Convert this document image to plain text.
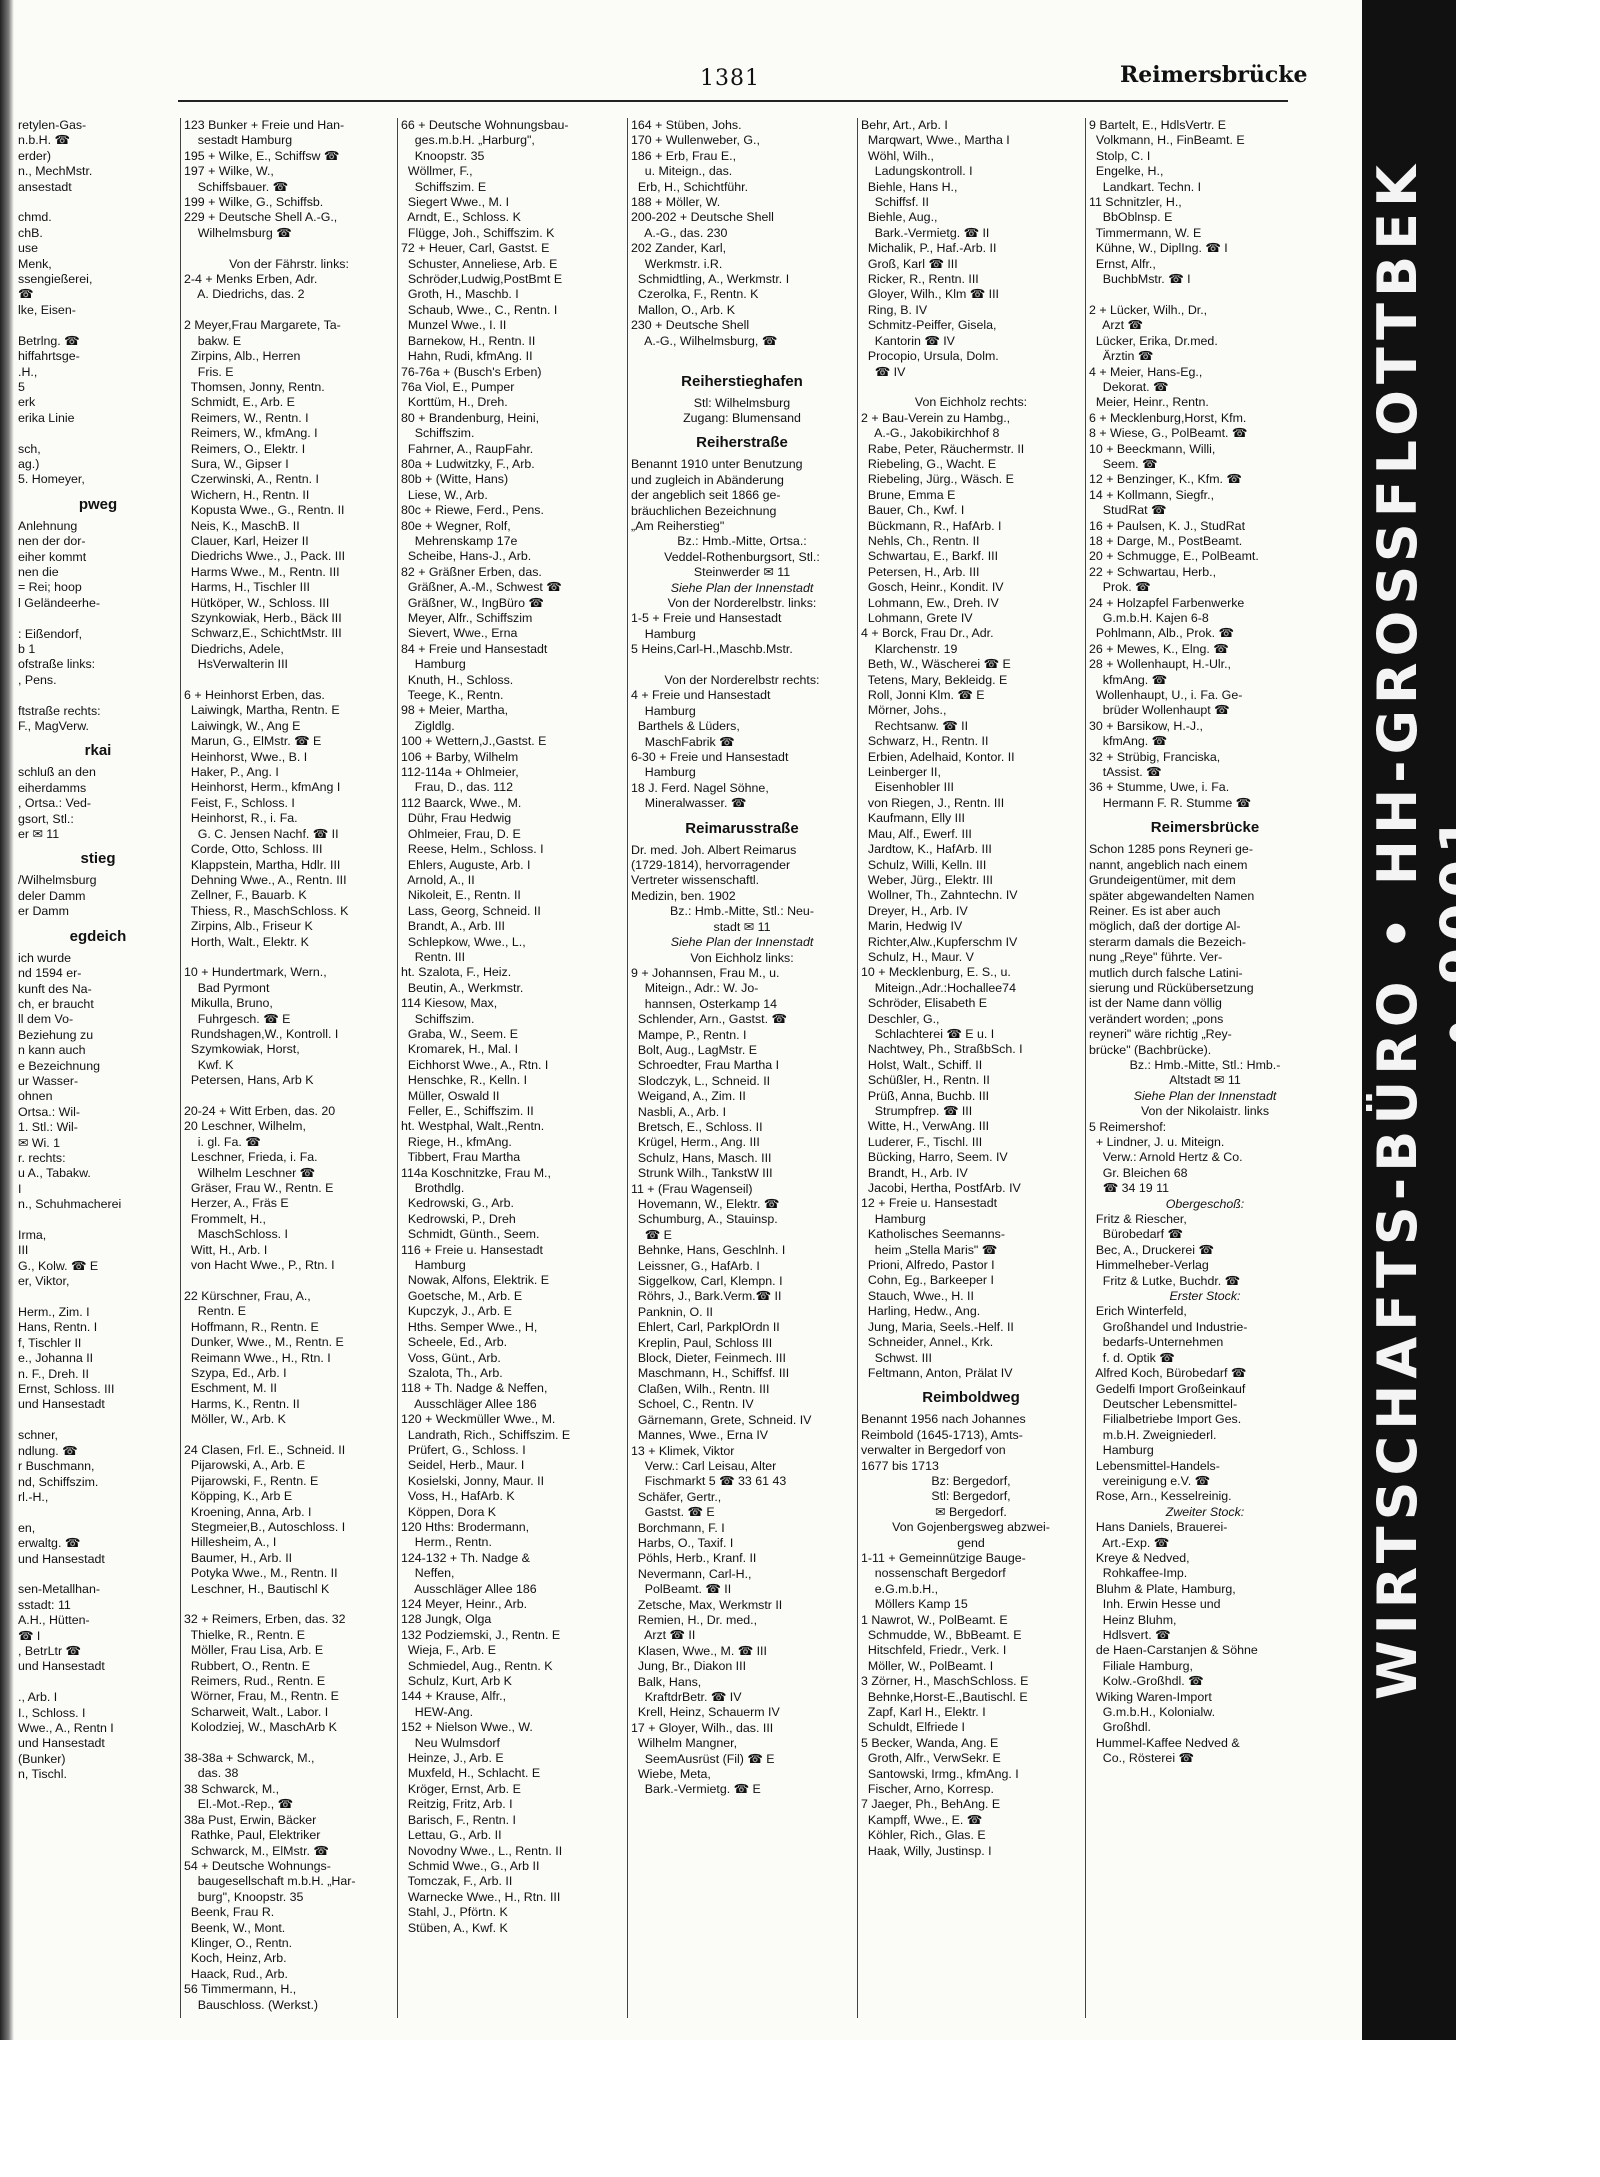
1381	Reimersbrücke
retylen-Gas-
n.b.H. ☎
erder)
n., MechMstr.
ansestadt

chmd.
chB.
use
Menk,
ssengießerei,
☎
lke, Eisen-

Betrlng. ☎
hiffahrtsge-
.H.,
5
erk
erika Linie

sch,
ag.)
5. Homeyer,
pweg
Anlehnung
nen der dor-
eiher kommt
nen die
= Rei; hoop
l Geländeerhe-

: Eißendorf,
b 1
ofstraße links:
, Pens.

ftstraße rechts:
F., MagVerw.
rkai
schluß an den
eiherdamms
, Ortsa.: Ved-
gsort, Stl.:
er ✉ 11
stieg
/Wilhelmsburg
deler Damm
er Damm
egdeich
ich wurde
nd 1594 er-
kunft des Na-
ch, er braucht
ll dem Vo-
Beziehung zu
n kann auch
e Bezeichnung
ur Wasser-
ohnen
Ortsa.: Wil-
1. Stl.: Wil-
✉ Wi. 1
r. rechts:
u A., Tabakw.
I
n., Schuhmacherei

Irma,
III
G., Kolw. ☎ E
er, Viktor,

Herm., Zim. I
Hans, Rentn. I
f, Tischler II
e., Johanna II
n. F., Dreh. II
Ernst, Schloss. III
und Hansestadt

schner,
ndlung. ☎
r Buschmann,
nd, Schiffszim.
rl.-H.,

en,
erwaltg. ☎
und Hansestadt

sen-Metallhan-
sstadt: 11
A.H., Hütten-
☎ I
, BetrLtr ☎
und Hansestadt

., Arb. I
I., Schloss. I
Wwe., A., Rentn I
und Hansestadt
(Bunker)
n, Tischl.
123 Bunker + Freie und Han-
sestadt Hamburg
195 + Wilke, E., Schiffsw ☎
197 + Wilke, W.,
Schiffsbauer. ☎
199 + Wilke, G., Schiffsb.
229 + Deutsche Shell A.-G.,
Wilhelmsburg ☎

Von der Fährstr. links:
2-4 + Menks Erben, Adr.
A. Diedrichs, das. 2

2 Meyer,Frau Margarete, Ta-
bakw. E
Zirpins, Alb., Herren
Fris. E
Thomsen, Jonny, Rentn.
Schmidt, E., Arb. E
Reimers, W., Rentn. I
Reimers, W., kfmAng. I
Reimers, O., Elektr. I
Sura, W., Gipser I
Czerwinski, A., Rentn. I
Wichern, H., Rentn. II
Kopusta Wwe., G., Rentn. II
Neis, K., MaschB. II
Clauer, Karl, Heizer II
Diedrichs Wwe., J., Pack. III
Harms Wwe., M., Rentn. III
Harms, H., Tischler III
Hütköper, W., Schloss. III
Szynkowiak, Herb., Bäck III
Schwarz,E., SchichtMstr. III
Diedrichs, Adele,
HsVerwalterin III

6 + Heinhorst Erben, das.
Laiwingk, Martha, Rentn. E
Laiwingk, W., Ang E
Marun, G., ElMstr. ☎ E
Heinhorst, Wwe., B. I
Haker, P., Ang. I
Heinhorst, Herm., kfmAng I
Feist, F., Schloss. I
Heinhorst, R., i. Fa.
G. C. Jensen Nachf. ☎ II
Corde, Otto, Schloss. III
Klappstein, Martha, Hdlr. III
Dehning Wwe., A., Rentn. III
Zellner, F., Bauarb. K
Thiess, R., MaschSchloss. K
Zirpins, Alb., Friseur K
Horth, Walt., Elektr. K

10 + Hundertmark, Wern.,
Bad Pyrmont
Mikulla, Bruno,
Fuhrgesch. ☎ E
Rundshagen,W., Kontroll. I
Szymkowiak, Horst,
Kwf. K
Petersen, Hans, Arb K

20-24 + Witt Erben, das. 20
20 Leschner, Wilhelm,
i. gl. Fa. ☎
Leschner, Frieda, i. Fa.
Wilhelm Leschner ☎
Gräser, Frau W., Rentn. E
Herzer, A., Fräs E
Frommelt, H.,
MaschSchloss. I
Witt, H., Arb. I
von Hacht Wwe., P., Rtn. I

22 Kürschner, Frau, A.,
Rentn. E
Hoffmann, R., Rentn. E
Dunker, Wwe., M., Rentn. E
Reimann Wwe., H., Rtn. I
Szypa, Ed., Arb. I
Eschment, M. II
Harms, K., Rentn. II
Möller, W., Arb. K

24 Clasen, Frl. E., Schneid. II
Pijarowski, A., Arb. E
Pijarowski, F., Rentn. E
Köpping, K., Arb E
Kroening, Anna, Arb. I
Stegmeier,B., Autoschloss. I
Hillesheim, A., I
Baumer, H., Arb. II
Potyka Wwe., M., Rentn. II
Leschner, H., Bautischl K

32 + Reimers, Erben, das. 32
Thielke, R., Rentn. E
Möller, Frau Lisa, Arb. E
Rubbert, O., Rentn. E
Reimers, Rud., Rentn. E
Wörner, Frau, M., Rentn. E
Scharweit, Walt., Labor. I
Kolodziej, W., MaschArb K

38-38a + Schwarck, M.,
das. 38
38 Schwarck, M.,
El.-Mot.-Rep., ☎
38a Pust, Erwin, Bäcker
Rathke, Paul, Elektriker
Schwarck, M., ElMstr. ☎
54 + Deutsche Wohnungs-
baugesellschaft m.b.H. „Har-
burg", Knoopstr. 35
Beenk, Frau R.
Beenk, W., Mont.
Klinger, O., Rentn.
Koch, Heinz, Arb.
Haack, Rud., Arb.
56 Timmermann, H.,
Bauschloss. (Werkst.)
66 + Deutsche Wohnungsbau-
ges.m.b.H. „Harburg",
Knoopstr. 35
Wöllmer, F.,
Schiffszim. E
Siegert Wwe., M. I
Arndt, E., Schloss. K
Flügge, Joh., Schiffszim. K
72 + Heuer, Carl, Gastst. E
Schuster, Anneliese, Arb. E
Schröder,Ludwig,PostBmt E
Groth, H., Maschb. I
Schaub, Wwe., C., Rentn. I
Munzel Wwe., I. II
Barnekow, H., Rentn. II
Hahn, Rudi, kfmAng. II
76-76a + (Busch's Erben)
76a Viol, E., Pumper
Korttüm, H., Dreh.
80 + Brandenburg, Heini,
Schiffszim.
Fahrner, A., RaupFahr.
80a + Ludwitzky, F., Arb.
80b + (Witte, Hans)
Liese, W., Arb.
80c + Riewe, Ferd., Pens.
80e + Wegner, Rolf,
Mehrenskamp 17e
Scheibe, Hans-J., Arb.
82 + Gräßner Erben, das.
Gräßner, A.-M., Schwest ☎
Gräßner, W., IngBüro ☎
Meyer, Alfr., Schiffszim
Sievert, Wwe., Erna
84 + Freie und Hansestadt
Hamburg
Knuth, H., Schloss.
Teege, K., Rentn.
98 + Meier, Martha,
Zigldlg.
100 + Wettern,J.,Gastst. E
106 + Barby, Wilhelm
112-114a + Ohlmeier,
Frau, D., das. 112
112 Baarck, Wwe., M.
Dühr, Frau Hedwig
Ohlmeier, Frau, D. E
Reese, Helm., Schloss. I
Ehlers, Auguste, Arb. I
Arnold, A., II
Nikoleit, E., Rentn. II
Lass, Georg, Schneid. II
Brandt, A., Arb. III
Schlepkow, Wwe., L.,
Rentn. III
ht. Szalota, F., Heiz.
Beutin, A., Werkmstr.
114 Kiesow, Max,
Schiffszim.
Graba, W., Seem. E
Kromarek, H., Mal. I
Eichhorst Wwe., A., Rtn. I
Henschke, R., Kelln. I
Müller, Oswald II
Feller, E., Schiffszim. II
ht. Westphal, Walt.,Rentn.
Riege, H., kfmAng.
Tibbert, Frau Martha
114a Koschnitzke, Frau M.,
Brothdlg.
Kedrowski, G., Arb.
Kedrowski, P., Dreh
Schmidt, Günth., Seem.
116 + Freie u. Hansestadt
Hamburg
Nowak, Alfons, Elektrik. E
Goetsche, M., Arb. E
Kupczyk, J., Arb. E
Hths. Semper Wwe., H,
Scheele, Ed., Arb.
Voss, Günt., Arb.
Szalota, Th., Arb.
118 + Th. Nadge & Neffen,
Ausschläger Allee 186
120 + Weckmüller Wwe., M.
Landrath, Rich., Schiffszim. E
Prüfert, G., Schloss. I
Seidel, Herb., Maur. I
Kosielski, Jonny, Maur. II
Voss, H., HafArb. K
Köppen, Dora K
120 Hths: Brodermann,
Herm., Rentn.
124-132 + Th. Nadge &
Neffen,
Ausschläger Allee 186
124 Meyer, Heinr., Arb.
128 Jungk, Olga
132 Podziemski, J., Rentn. E
Wieja, F., Arb. E
Schmiedel, Aug., Rentn. K
Schulz, Kurt, Arb K
144 + Krause, Alfr.,
HEW-Ang.
152 + Nielson Wwe., W.
Neu Wulmsdorf
Heinze, J., Arb. E
Muxfeld, H., Schlacht. E
Kröger, Ernst, Arb. E
Reitzig, Fritz, Arb. I
Barisch, F., Rentn. I
Lettau, G., Arb. II
Novodny Wwe., L., Rentn. II
Schmid Wwe., G., Arb II
Tomczak, F., Arb. II
Warnecke Wwe., H., Rtn. III
Stahl, J., Pförtn. K
Stüben, A., Kwf. K
164 + Stüben, Johs.
170 + Wullenweber, G.,
186 + Erb, Frau E.,
u. Miteign., das.
Erb, H., Schichtführ.
188 + Möller, W.
200-202 + Deutsche Shell
A.-G., das. 230
202 Zander, Karl,
Werkmstr. i.R.
Schmidtling, A., Werkmstr. I
Czerolka, F., Rentn. K
Mallon, O., Arb. K
230 + Deutsche Shell
A.-G., Wilhelmsburg, ☎

Reiherstieghafen
Stl: Wilhelmsburg
Zugang: Blumensand
Reiherstraße
Benannt 1910 unter Benutzung
und zugleich in Abänderung
der angeblich seit 1866 ge-
bräuchlichen Bezeichnung
„Am Reiherstieg"
Bz.: Hmb.-Mitte, Ortsa.:
Veddel-Rothenburgsort, Stl.:
Steinwerder ✉ 11
Siehe Plan der Innenstadt
Von der Norderelbstr. links:
1-5 + Freie und Hansestadt
Hamburg
5 Heins,Carl-H.,Maschb.Mstr.

Von der Norderelbstr rechts:
4 + Freie und Hansestadt
Hamburg
Barthels & Lüders,
MaschFabrik ☎
6-30 + Freie und Hansestadt
Hamburg
18 J. Ferd. Nagel Söhne,
Mineralwasser. ☎
Reimarusstraße
Dr. med. Joh. Albert Reimarus
(1729-1814), hervorragender
Vertreter wissenschaftl.
Medizin, ben. 1902
Bz.: Hmb.-Mitte, Stl.: Neu-
stadt ✉ 11
Siehe Plan der Innenstadt
Von Eichholz links:
9 + Johannsen, Frau M., u.
Miteign., Adr.: W. Jo-
hannsen, Osterkamp 14
Schlender, Arn., Gastst. ☎
Mampe, P., Rentn. I
Bolt, Aug., LagMstr. E
Schroedter, Frau Martha I
Slodczyk, L., Schneid. II
Weigand, A., Zim. II
Nasbli, A., Arb. I
Bretsch, E., Schloss. II
Krügel, Herm., Ang. III
Schulz, Hans, Masch. III
Strunk Wilh., TankstW III
11 + (Frau Wagenseil)
Hovemann, W., Elektr. ☎
Schumburg, A., Stauinsp.
☎ E
Behnke, Hans, Geschlnh. I
Leissner, G., HafArb. I
Siggelkow, Carl, Klempn. I
Röhrs, J., Bark.Verm.☎ II
Panknin, O. II
Ehlert, Carl, ParkplOrdn II
Kreplin, Paul, Schloss III
Block, Dieter, Feinmech. III
Maschmann, H., Schiffsf. III
Claßen, Wilh., Rentn. III
Schoel, C., Rentn. IV
Gärnemann, Grete, Schneid. IV
Mannes, Wwe., Erna IV
13 + Klimek, Viktor
Verw.: Carl Leisau, Alter
Fischmarkt 5 ☎ 33 61 43
Schäfer, Gertr.,
Gastst. ☎ E
Borchmann, F. I
Harbs, O., Taxif. I
Pöhls, Herb., Kranf. II
Nevermann, Carl-H.,
PolBeamt. ☎ II
Zetsche, Max, Werkmstr II
Remien, H., Dr. med.,
Arzt ☎ II
Klasen, Wwe., M. ☎ III
Jung, Br., Diakon III
Balk, Hans,
KraftdrBetr. ☎ IV
Krell, Heinz, Schauerm IV
17 + Gloyer, Wilh., das. III
Wilhelm Mangner,
SeemAusrüst (Fil) ☎ E
Wiebe, Meta,
Bark.-Vermietg. ☎ E
Behr, Art., Arb. I
Marqwart, Wwe., Martha I
Wöhl, Wilh.,
Ladungskontroll. I
Biehle, Hans H.,
Schiffsf. II
Biehle, Aug.,
Bark.-Vermietg. ☎ II
Michalik, P., Haf.-Arb. II
Groß, Karl ☎ III
Ricker, R., Rentn. III
Gloyer, Wilh., Klm ☎ III
Ring, B. IV
Schmitz-Peiffer, Gisela,
Kantorin ☎ IV
Procopio, Ursula, Dolm.
☎ IV

Von Eichholz rechts:
2 + Bau-Verein zu Hambg.,
A.-G., Jakobikirchhof 8
Rabe, Peter, Räuchermstr. II
Riebeling, G., Wacht. E
Riebeling, Jürg., Wäsch. E
Brune, Emma E
Bauer, Ch., Kwf. I
Bückmann, R., HafArb. I
Nehls, Ch., Rentn. II
Schwartau, E., Barkf. III
Petersen, H., Arb. III
Gosch, Heinr., Kondit. IV
Lohmann, Ew., Dreh. IV
Lohmann, Grete IV
4 + Borck, Frau Dr., Adr.
Klarchenstr. 19
Beth, W., Wäscherei ☎ E
Tetens, Mary, Bekleidg. E
Roll, Jonni Klm. ☎ E
Mörner, Johs.,
Rechtsanw. ☎ II
Schwarz, H., Rentn. II
Erbien, Adelhaid, Kontor. II
Leinberger II,
Eisenhobler III
von Riegen, J., Rentn. III
Kaufmann, Elly III
Mau, Alf., Ewerf. III
Jardtow, K., HafArb. III
Schulz, Willi, Kelln. III
Weber, Jürg., Elektr. III
Wollner, Th., Zahntechn. IV
Dreyer, H., Arb. IV
Marin, Hedwig IV
Richter,Alw.,Kupferschm IV
Schulz, H., Maur. V
10 + Mecklenburg, E. S., u.
Miteign.,Adr.:Hochallee74
Schröder, Elisabeth E
Deschler, G.,
Schlachterei ☎ E u. I
Nachtwey, Ph., StraßbSch. I
Holst, Walt., Schiff. II
Schüßler, H., Rentn. II
Prüß, Anna, Buchb. III
Strumpfrep. ☎ III
Witte, H., VerwAng. III
Luderer, F., Tischl. III
Bücking, Harro, Seem. IV
Brandt, H., Arb. IV
Jacobi, Hertha, PostfArb. IV
12 + Freie u. Hansestadt
Hamburg
Katholisches Seemanns-
heim „Stella Maris" ☎
Prioni, Alfredo, Pastor I
Cohn, Eg., Barkeeper I
Stauch, Wwe., H. II
Harling, Hedw., Ang.
Jung, Maria, Seels.-Helf. II
Schneider, Annel., Krk.
Schwst. III
Feltmann, Anton, Prälat IV
Reimboldweg
Benannt 1956 nach Johannes
Reimbold (1645-1713), Amts-
verwalter in Bergedorf von
1677 bis 1713
Bz: Bergedorf,
Stl: Bergedorf,
✉ Bergedorf.
Von Gojenbergsweg abzwei-
gend
1-11 + Gemeinnützige Bauge-
nossenschaft Bergedorf
e.G.m.b.H.,
Möllers Kamp 15
1 Nawrot, W., PolBeamt. E
Schmudde, W., BbBeamt. E
Hitschfeld, Friedr., Verk. I
Möller, W., PolBeamt. I
3 Zörner, H., MaschSchloss. E
Behnke,Horst-E.,Bautischl. E
Zapf, Karl H., Elektr. I
Schuldt, Elfriede I
5 Becker, Wanda, Ang. E
Groth, Alfr., VerwSekr. E
Santowski, Irmg., kfmAng. I
Fischer, Arno, Korresp.
7 Jaeger, Ph., BehAng. E
Kampff, Wwe., E. ☎
Köhler, Rich., Glas. E
Haak, Willy, Justinsp. I
9 Bartelt, E., HdlsVertr. E
Volkmann, H., FinBeamt. E
Stolp, C. I
Engelke, H.,
Landkart. Techn. I
11 Schnitzler, H.,
BbOblnsp. E
Timmermann, W. E
Kühne, W., DiplIng. ☎ I
Ernst, Alfr.,
BuchbMstr. ☎ I

2 + Lücker, Wilh., Dr.,
Arzt ☎
Lücker, Erika, Dr.med.
Ärztin ☎
4 + Meier, Hans-Eg.,
Dekorat. ☎
Meier, Heinr., Rentn.
6 + Mecklenburg,Horst, Kfm.
8 + Wiese, G., PolBeamt. ☎
10 + Beeckmann, Willi,
Seem. ☎
12 + Benzinger, K., Kfm. ☎
14 + Kollmann, Siegfr.,
StudRat ☎
16 + Paulsen, K. J., StudRat
18 + Darge, M., PostBeamt.
20 + Schmugge, E., PolBeamt.
22 + Schwartau, Herb.,
Prok. ☎
24 + Holzapfel Farbenwerke
G.m.b.H. Kajen 6-8
Pohlmann, Alb., Prok. ☎
26 + Mewes, K., Elng. ☎
28 + Wollenhaupt, H.-Ulr.,
kfmAng. ☎
Wollenhaupt, U., i. Fa. Ge-
brüder Wollenhaupt ☎
30 + Barsikow, H.-J.,
kfmAng. ☎
32 + Strübig, Franciska,
tAssist. ☎
36 + Stumme, Uwe, i. Fa.
Hermann F. R. Stumme ☎
Reimersbrücke
Schon 1285 pons Reyneri ge-
nannt, angeblich nach einem
Grundeigentümer, mit dem
später abgewandelten Namen
Reiner. Es ist aber auch
möglich, daß der dortige Al-
sterarm damals die Bezeich-
nung „Reye" führte. Ver-
mutlich durch falsche Latini-
sierung und Rückübersetzung
ist der Name dann völlig
verändert worden; „pons
reyneri" wäre richtig „Rey-
brücke" (Bachbrücke).
Bz.: Hmb.-Mitte, Stl.: Hmb.-
Altstadt ✉ 11
Siehe Plan der Innenstadt
Von der Nikolaistr. links
5 Reimershof:
+ Lindner, J. u. Miteign.
Verw.: Arnold Hertz & Co.
Gr. Bleichen 68
☎ 34 19 11
Obergeschoß:
Fritz & Riescher,
Bürobedarf ☎
Bec, A., Druckerei ☎
Himmelheber-Verlag
Fritz & Lutke, Buchdr. ☎
Erster Stock:
Erich Winterfeld,
Großhandel und Industrie-
bedarfs-Unternehmen
f. d. Optik ☎
Alfred Koch, Bürobedarf ☎
Gedelfi Import Großeinkauf
Deutscher Lebensmittel-
Filialbetriebe Import Ges.
m.b.H. Zweigniederl.
Hamburg
Lebensmittel-Handels-
vereinigung e.V. ☎
Rose, Arn., Kesselreinig.
Zweiter Stock:
Hans Daniels, Brauerei-
Art.-Exp. ☎
Kreye & Nedved,
Rohkaffee-Imp.
Bluhm & Plate, Hamburg,
Inh. Erwin Hesse und
Heinz Bluhm,
Hdlsvert. ☎
de Haen-Carstanjen & Söhne
Filiale Hamburg,
Kolw.-Großhdl. ☎
Wiking Waren-Import
G.m.b.H., Kolonialw.
Großhdl.
Hummel-Kaffee Nedved &
Co., Rösterei ☎
WIRTSCHAFTS-BÜRO • HH-GROSSFLOTTBEK
